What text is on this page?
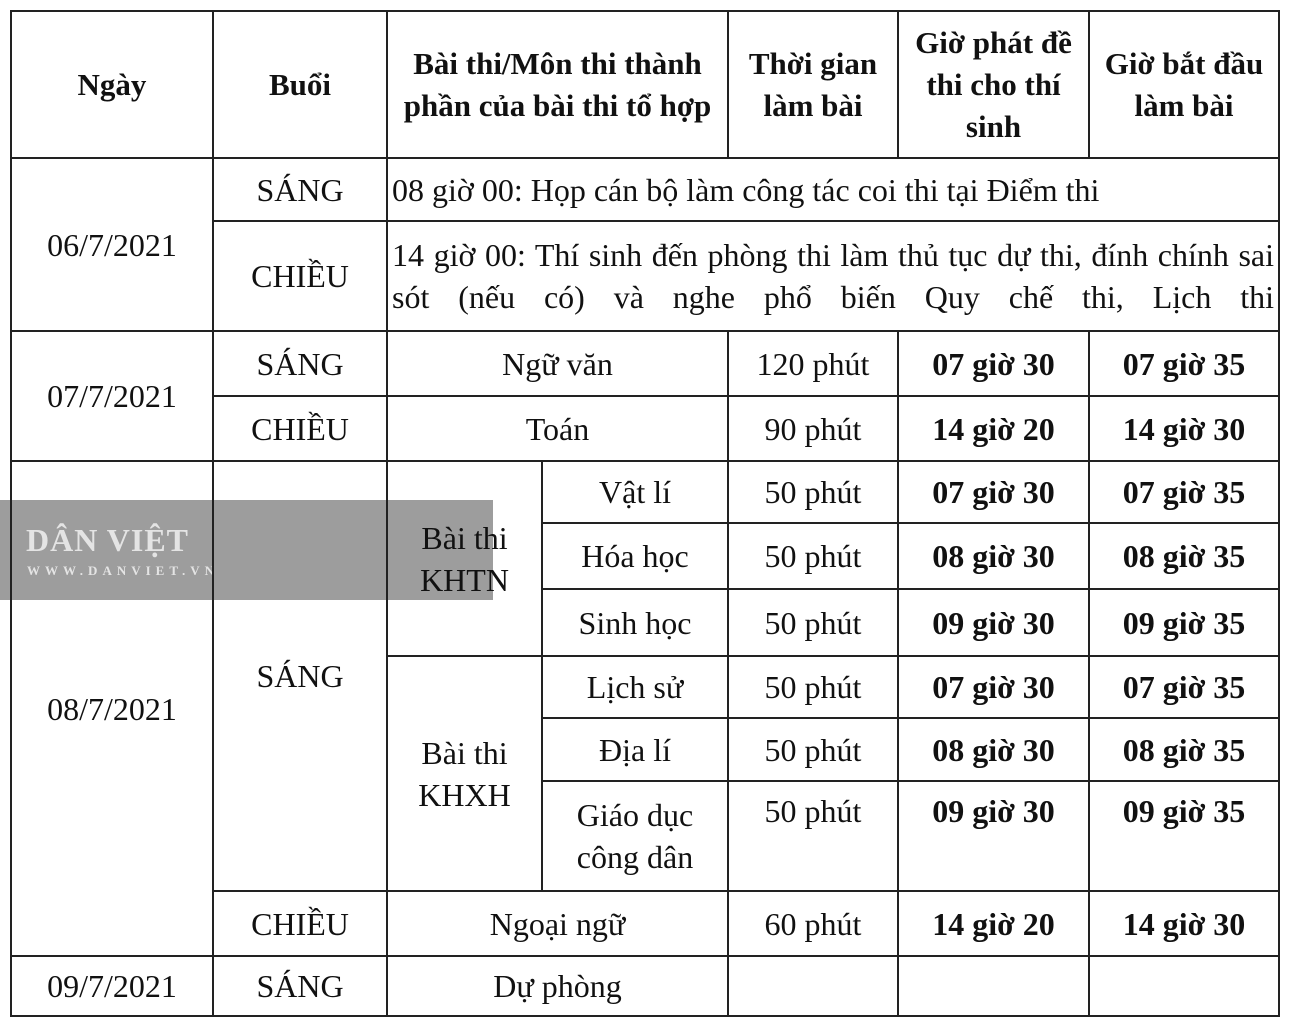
Ngày	Buổi	Bài thi/Môn thi thành phần của bài thi tổ hợp		Thời gian làm bài	Giờ phát đề thi cho thí sinh	Giờ bắt đầu làm bài
06/7/2021	SÁNG	08 giờ 00: Họp cán bộ làm công tác coi thi tại Điểm thi				
	CHIỀU	14 giờ 00: Thí sinh đến phòng thi làm thủ tục dự thi, đính chính sai sót (nếu có) và nghe phổ biến Quy chế thi, Lịch thi				
07/7/2021	SÁNG	Ngữ văn		120 phút	07 giờ 30	07 giờ 35
	CHIỀU	Toán		90 phút	14 giờ 20	14 giờ 30
08/7/2021	SÁNG	Bài thi KHTN	Vật lí	50 phút	07 giờ 30	07 giờ 35
			Hóa học	50 phút	08 giờ 30	08 giờ 35
			Sinh học	50 phút	09 giờ 30	09 giờ 35
		Bài thi KHXH	Lịch sử	50 phút	07 giờ 30	07 giờ 35
			Địa lí	50 phút	08 giờ 30	08 giờ 35
			Giáo dục công dân	50 phút	09 giờ 30	09 giờ 35
	CHIỀU	Ngoại ngữ		60 phút	14 giờ 20	14 giờ 30
09/7/2021	SÁNG	Dự phòng				
DÂN VIỆT
WWW.DANVIET.VN
